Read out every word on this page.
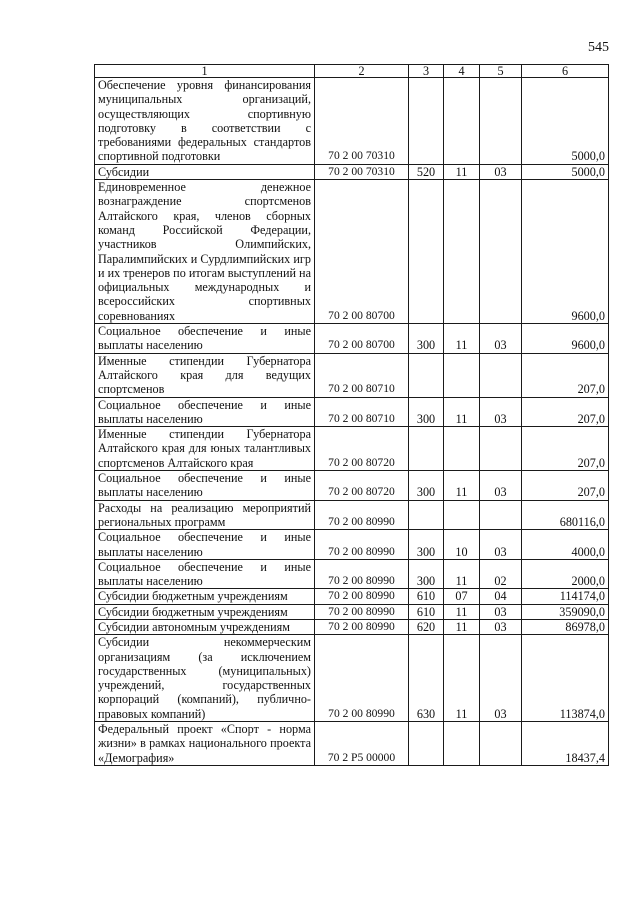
545
1	2	3	4	5	6
Обеспечение уровня финансирования муниципальных организаций, осуществляющих спортивную подготовку в соответствии с требованиями федеральных стандартов спортивной подготовки	70 2 00 70310				5000,0
Субсидии	70 2 00 70310	520	11	03	5000,0
Единовременное денежное вознаграждение спортсменов Алтайского края, членов сборных команд Российской Федерации, участников Олимпийских, Паралимпийских и Сурдлимпийских игр и их тренеров по итогам выступлений на официальных международных и всероссийских спортивных соревнованиях	70 2 00 80700				9600,0
Социальное обеспечение и иные выплаты населению	70 2 00 80700	300	11	03	9600,0
Именные стипендии Губернатора Алтайского края для ведущих спортсменов	70 2 00 80710				207,0
Социальное обеспечение и иные выплаты населению	70 2 00 80710	300	11	03	207,0
Именные стипендии Губернатора Алтайского края для юных талантливых спортсменов Алтайского края	70 2 00 80720				207,0
Социальное обеспечение и иные выплаты населению	70 2 00 80720	300	11	03	207,0
Расходы на реализацию мероприятий региональных программ	70 2 00 80990				680116,0
Социальное обеспечение и иные выплаты населению	70 2 00 80990	300	10	03	4000,0
Социальное обеспечение и иные выплаты населению	70 2 00 80990	300	11	02	2000,0
Субсидии бюджетным учреждениям	70 2 00 80990	610	07	04	114174,0
Субсидии бюджетным учреждениям	70 2 00 80990	610	11	03	359090,0
Субсидии автономным учреждениям	70 2 00 80990	620	11	03	86978,0
Субсидии некоммерческим организациям (за исключением государственных (муниципальных) учреждений, государственных корпораций (компаний), публично-правовых компаний)	70 2 00 80990	630	11	03	113874,0
Федеральный проект «Спорт - норма жизни» в рамках национального проекта «Демография»	70 2 P5 00000				18437,4
